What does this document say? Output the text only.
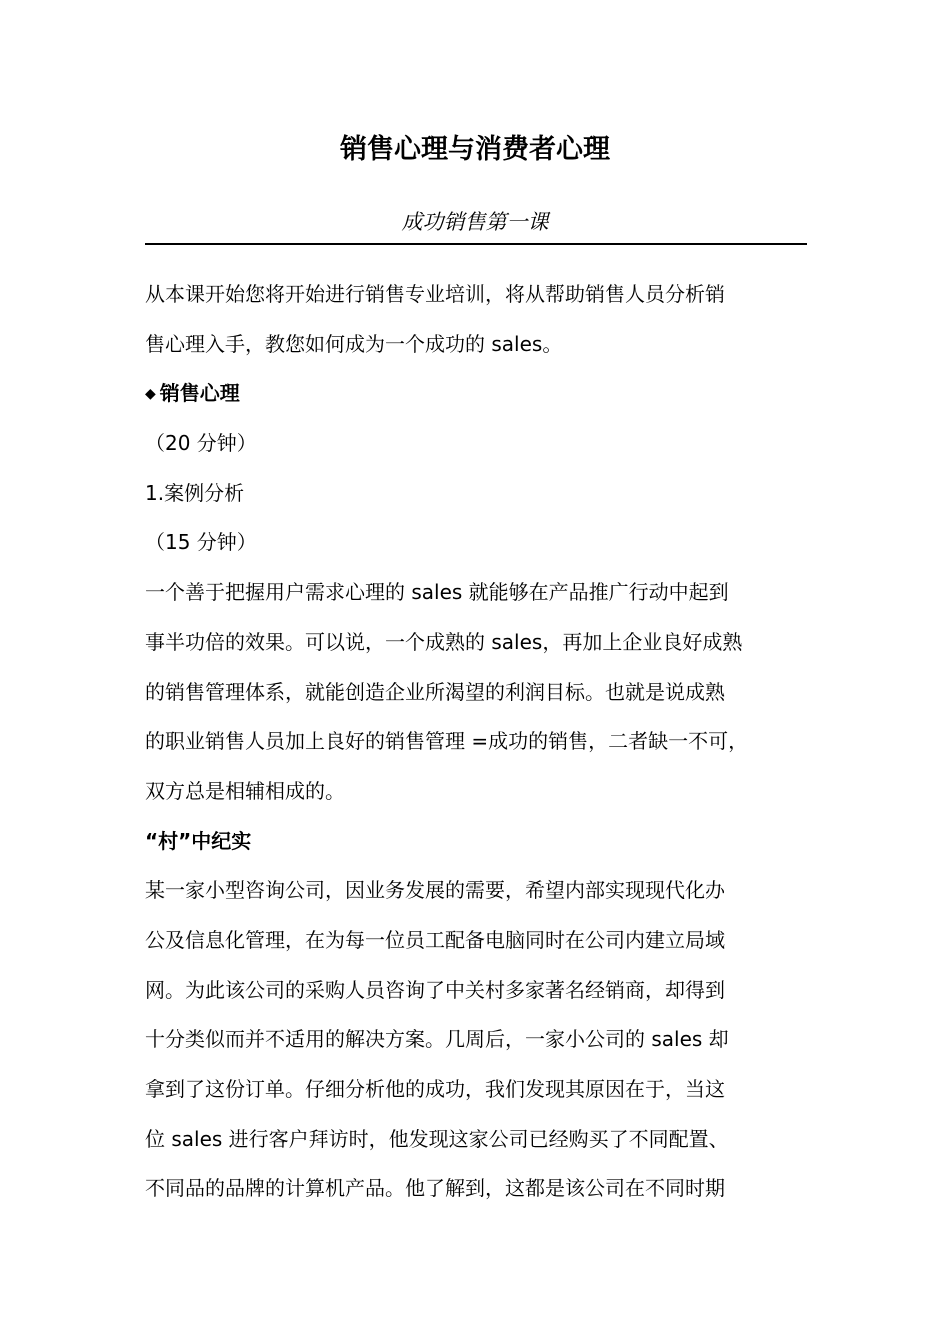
销售心理与消费者心理
成功销售第一课
从本课开始您将开始进行销售专业培训，将从帮助销售人员分析销
售心理入手，教您如何成为一个成功的 sales。
◆ 销售心理
（20 分钟）
1.案例分析
（15 分钟）
一个善于把握用户需求心理的 sales 就能够在产品推广行动中起到
事半功倍的效果。可以说，一个成熟的 sales，再加上企业良好成熟
的销售管理体系，就能创造企业所渴望的利润目标。也就是说成熟
的职业销售人员加上良好的销售管理 =成功的销售，二者缺一不可，
双方总是相辅相成的。
“村”中纪实
某一家小型咨询公司，因业务发展的需要，希望内部实现现代化办
公及信息化管理，在为每一位员工配备电脑同时在公司内建立局域
网。为此该公司的采购人员咨询了中关村多家著名经销商，却得到
十分类似而并不适用的解决方案。几周后，一家小公司的 sales 却
拿到了这份订单。仔细分析他的成功，我们发现其原因在于，当这
位 sales 进行客户拜访时，他发现这家公司已经购买了不同配置、
不同品的品牌的计算机产品。他了解到，这都是该公司在不同时期
